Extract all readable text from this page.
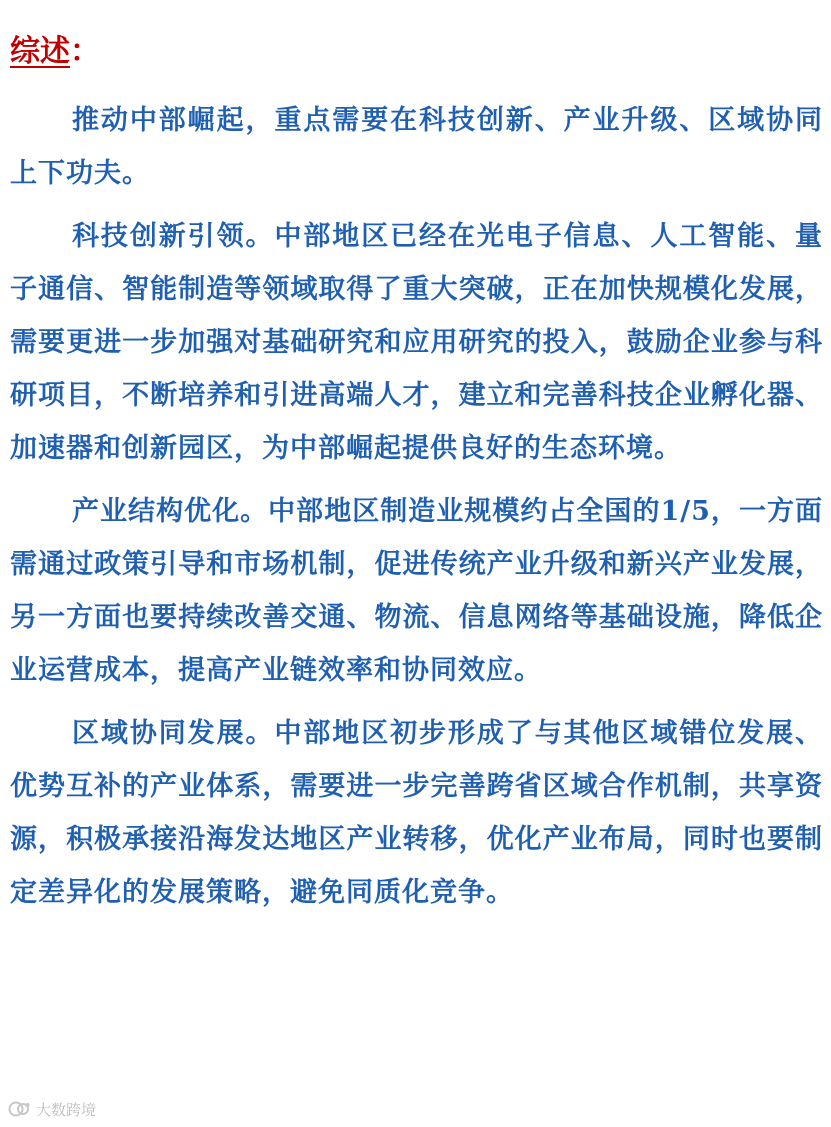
综述：

推动中部崛起，重点需要在科技创新、产业升级、区域协同上下功夫。

科技创新引领。中部地区已经在光电子信息、人工智能、量子通信、智能制造等领域取得了重大突破，正在加快规模化发展，需要更进一步加强对基础研究和应用研究的投入，鼓励企业参与科研项目，不断培养和引进高端人才，建立和完善科技企业孵化器、加速器和创新园区，为中部崛起提供良好的生态环境。

产业结构优化。中部地区制造业规模约占全国的1/5，一方面需通过政策引导和市场机制，促进传统产业升级和新兴产业发展，另一方面也要持续改善交通、物流、信息网络等基础设施，降低企业运营成本，提高产业链效率和协同效应。

区域协同发展。中部地区初步形成了与其他区域错位发展、优势互补的产业体系，需要进一步完善跨省区域合作机制，共享资源，积极承接沿海发达地区产业转移，优化产业布局，同时也要制定差异化的发展策略，避免同质化竞争。

大数跨境
